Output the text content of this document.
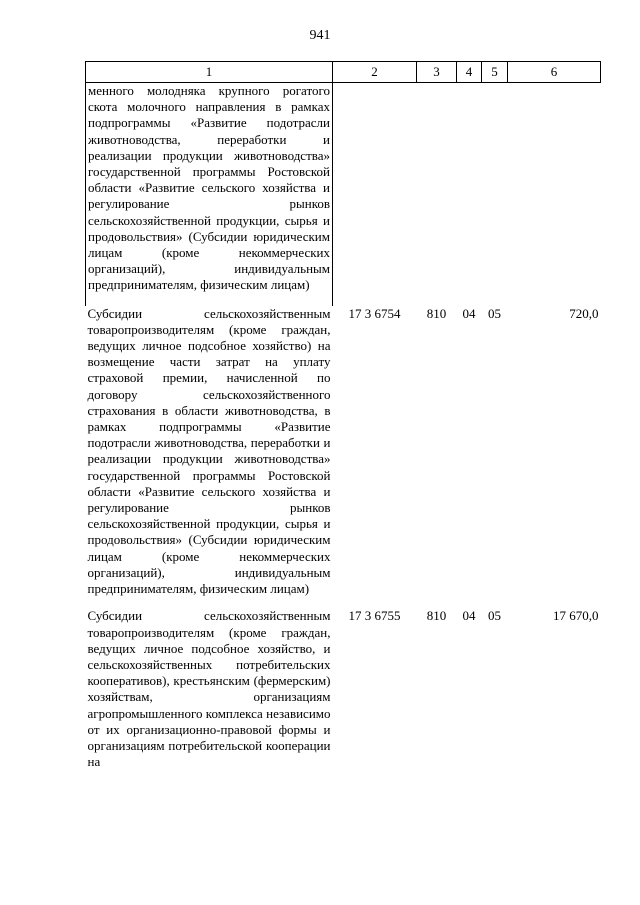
941
1	2	3	4	5	6
менного молодняка крупного рогатого скота молочного направления в рамках подпрограммы «Развитие подотрасли животноводства, переработки и реализации продукции животноводства» государственной программы Ростовской области «Развитие сельского хозяйства и регулирование рынков сельскохозяйственной продукции, сырья и продовольствия» (Субсидии юридическим лицам (кроме некоммерческих организаций), индивидуальным предпринимателям, физическим лицам)					
Субсидии сельскохозяйственным товаропроизводителям (кроме граждан, ведущих личное подсобное хозяйство) на возмещение части затрат на уплату страховой премии, начисленной по договору сельскохозяйственного страхования в области животноводства, в рамках подпрограммы «Развитие подотрасли животноводства, переработки и реализации продукции животноводства» государственной программы Ростовской области «Развитие сельского хозяйства и регулирование рынков сельскохозяйственной продукции, сырья и продовольствия» (Субсидии юридическим лицам (кроме некоммерческих организаций), индивидуальным предпринимателям, физическим лицам)	17 3 6754	810	04	05	720,0
Субсидии сельскохозяйственным товаропроизводителям (кроме граждан, ведущих личное подсобное хозяйство, и сельскохозяйственных потребительских кооперативов), крестьянским (фермерским) хозяйствам, организациям агропромышленного комплекса независимо от их организационно-правовой формы и организациям потребительской кооперации на	17 3 6755	810	04	05	17 670,0
